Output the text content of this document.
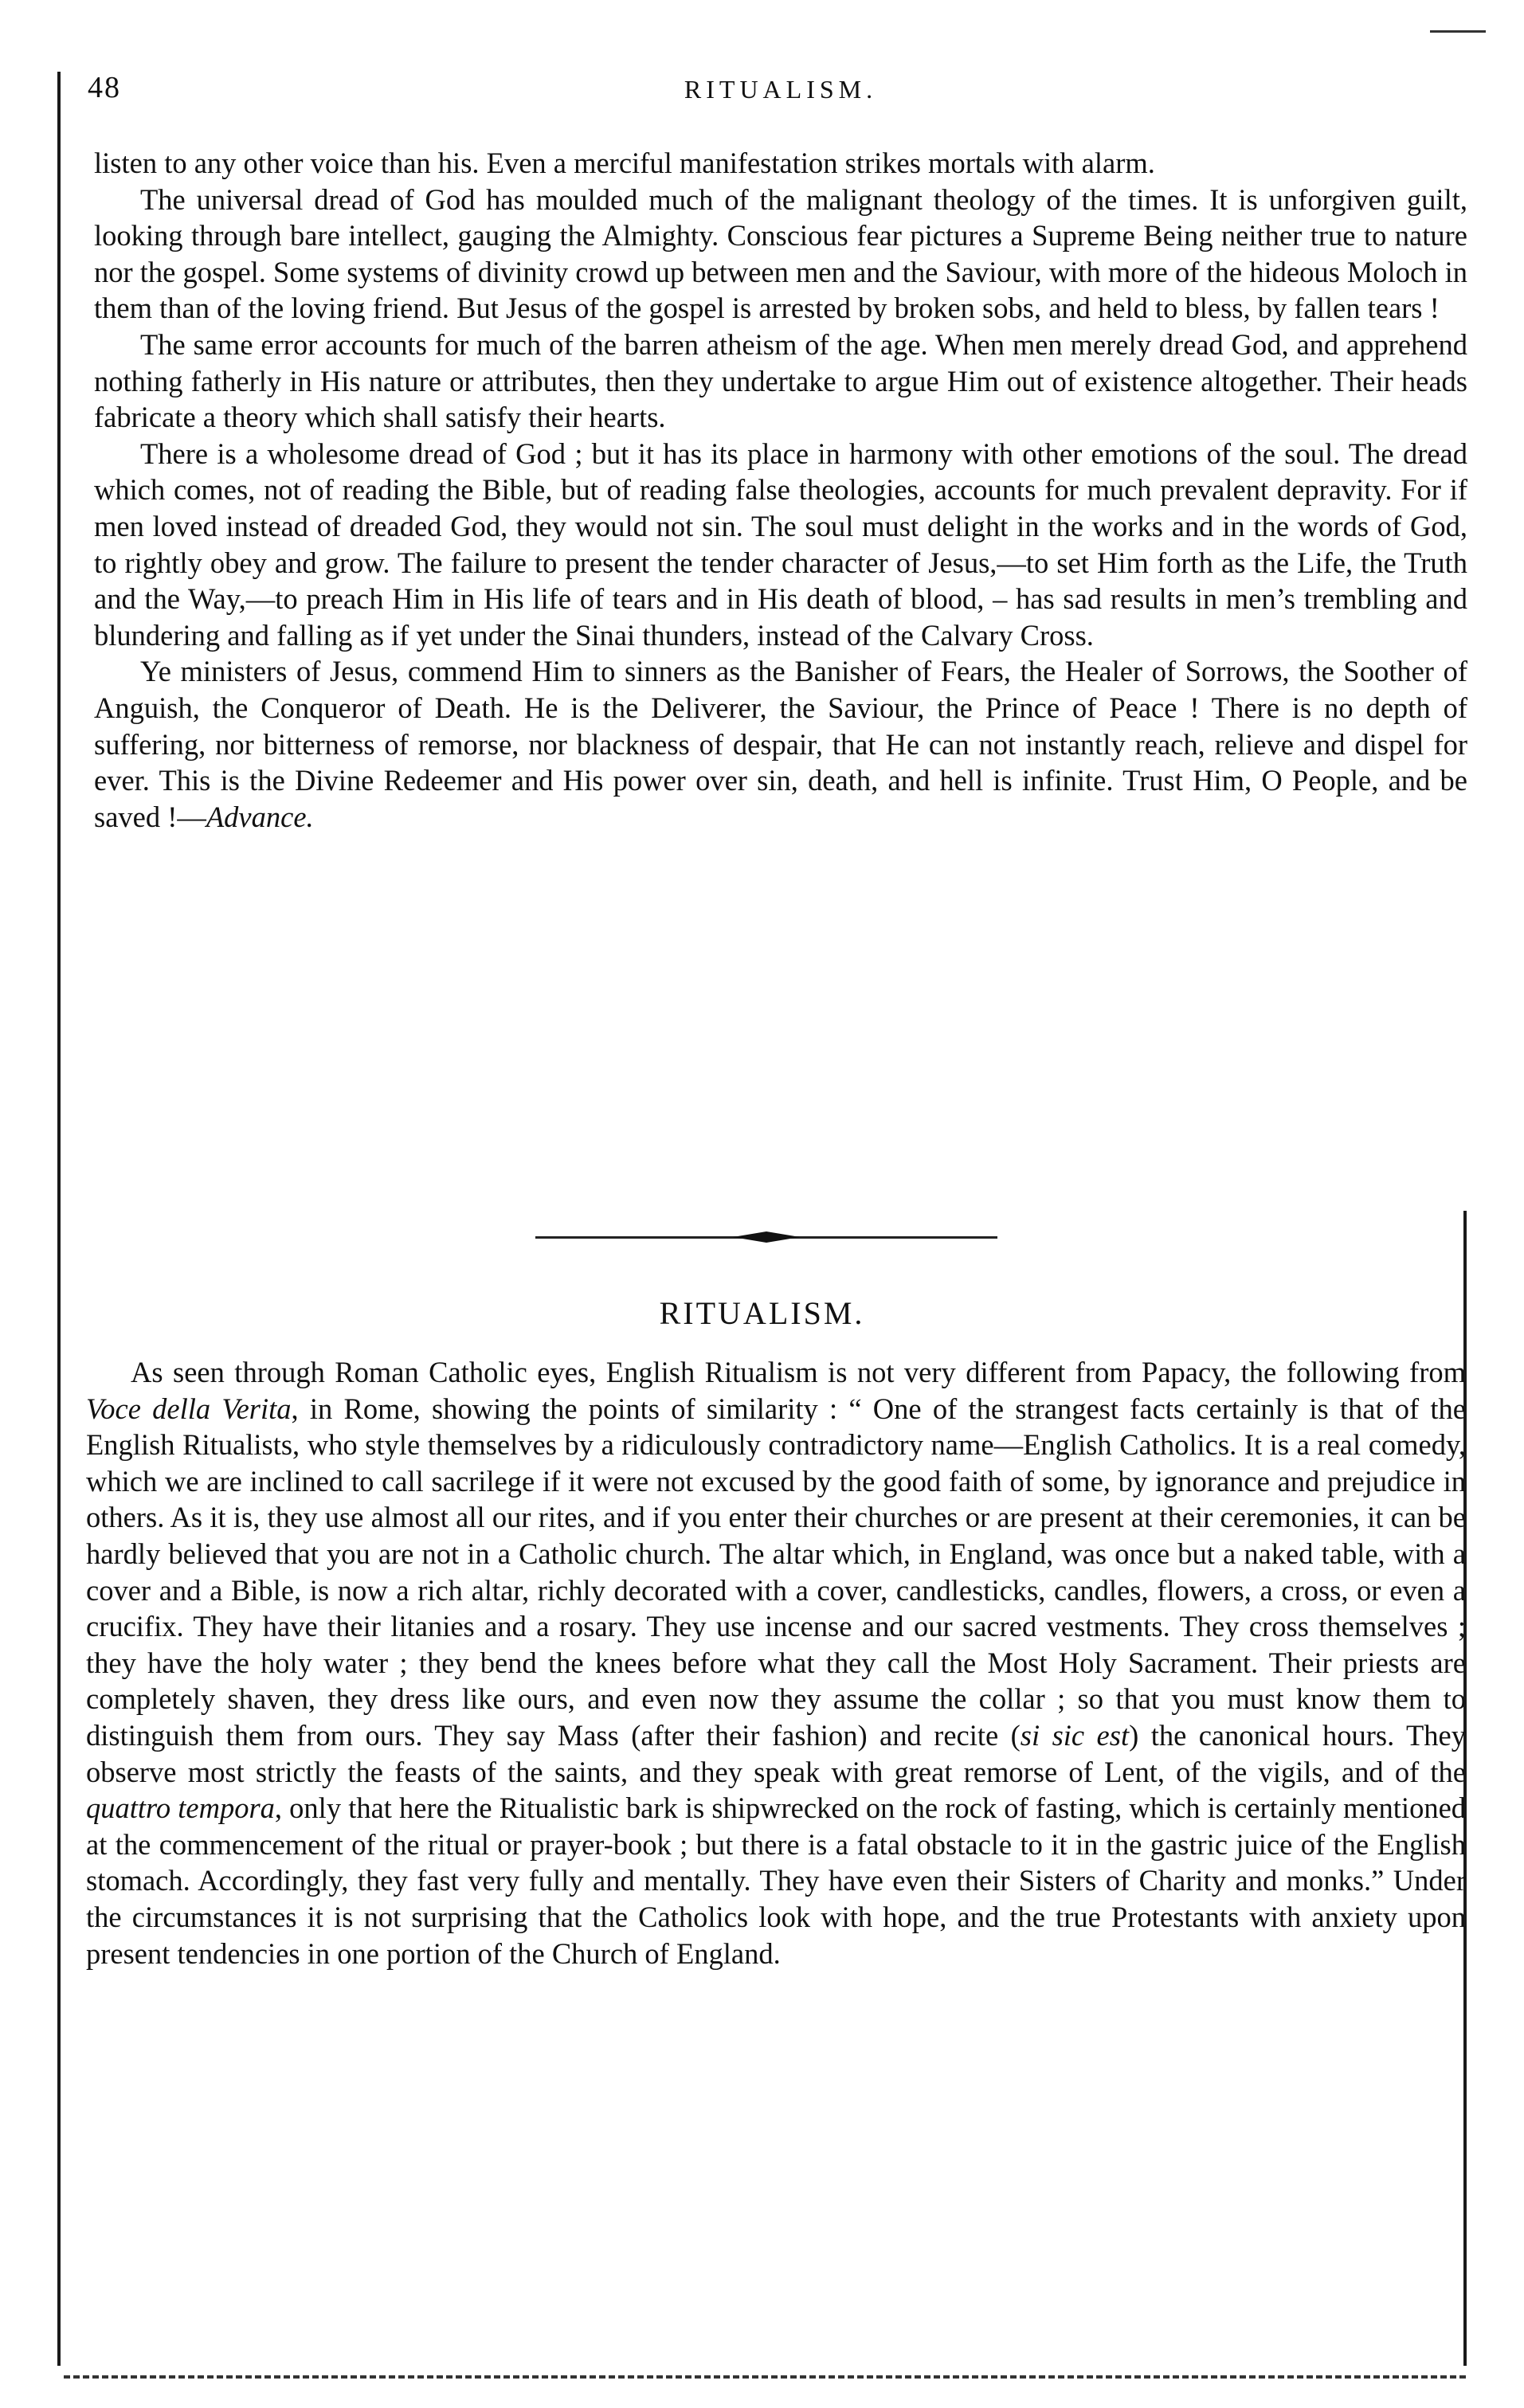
48	RITUALISM.

listen to any other voice than his. Even a merciful manifestation strikes mortals with alarm.

The universal dread of God has moulded much of the malignant theology of the times. It is unforgiven guilt, looking through bare intellect, gauging the Almighty. Conscious fear pictures a Supreme Being neither true to nature nor the gospel. Some systems of divinity crowd up between men and the Saviour, with more of the hideous Moloch in them than of the loving friend. But Jesus of the gospel is arrested by broken sobs, and held to bless, by fallen tears !

The same error accounts for much of the barren atheism of the age. When men merely dread God, and apprehend nothing fatherly in His nature or attributes, then they undertake to argue Him out of existence altogether. Their heads fabricate a theory which shall satisfy their hearts.

There is a wholesome dread of God ; but it has its place in harmony with other emotions of the soul. The dread which comes, not of reading the Bible, but of reading false theologies, accounts for much prevalent depravity. For if men loved instead of dreaded God, they would not sin. The soul must delight in the works and in the words of God, to rightly obey and grow. The failure to present the tender character of Jesus,—to set Him forth as the Life, the Truth and the Way,—to preach Him in His life of tears and in His death of blood, – has sad results in men’s trembling and blundering and falling as if yet under the Sinai thunders, instead of the Calvary Cross.

Ye ministers of Jesus, commend Him to sinners as the Banisher of Fears, the Healer of Sorrows, the Soother of Anguish, the Conqueror of Death. He is the Deliverer, the Saviour, the Prince of Peace ! There is no depth of suffering, nor bitterness of remorse, nor blackness of despair, that He can not instantly reach, relieve and dispel for ever. This is the Divine Redeemer and His power over sin, death, and hell is infinite. Trust Him, O People, and be saved !—Advance.

RITUALISM.

As seen through Roman Catholic eyes, English Ritualism is not very different from Papacy, the following from Voce della Verita, in Rome, showing the points of similarity : “ One of the strangest facts certainly is that of the English Ritualists, who style themselves by a ridiculously contradictory name—English Catholics. It is a real comedy, which we are inclined to call sacrilege if it were not excused by the good faith of some, by ignorance and prejudice in others. As it is, they use almost all our rites, and if you enter their churches or are present at their ceremonies, it can be hardly believed that you are not in a Catholic church. The altar which, in England, was once but a naked table, with a cover and a Bible, is now a rich altar, richly decorated with a cover, candlesticks, candles, flowers, a cross, or even a crucifix. They have their litanies and a rosary. They use incense and our sacred vestments. They cross themselves ; they have the holy water ; they bend the knees before what they call the Most Holy Sacrament. Their priests are completely shaven, they dress like ours, and even now they assume the collar ; so that you must know them to distinguish them from ours. They say Mass (after their fashion) and recite (si sic est) the canonical hours. They observe most strictly the feasts of the saints, and they speak with great remorse of Lent, of the vigils, and of the quattro tempora, only that here the Ritualistic bark is shipwrecked on the rock of fasting, which is certainly mentioned at the commencement of the ritual or prayer-book ; but there is a fatal obstacle to it in the gastric juice of the English stomach. Accordingly, they fast very fully and mentally. They have even their Sisters of Charity and monks.” Under the circumstances it is not surprising that the Catholics look with hope, and the true Protestants with anxiety upon present tendencies in one portion of the Church of England.
